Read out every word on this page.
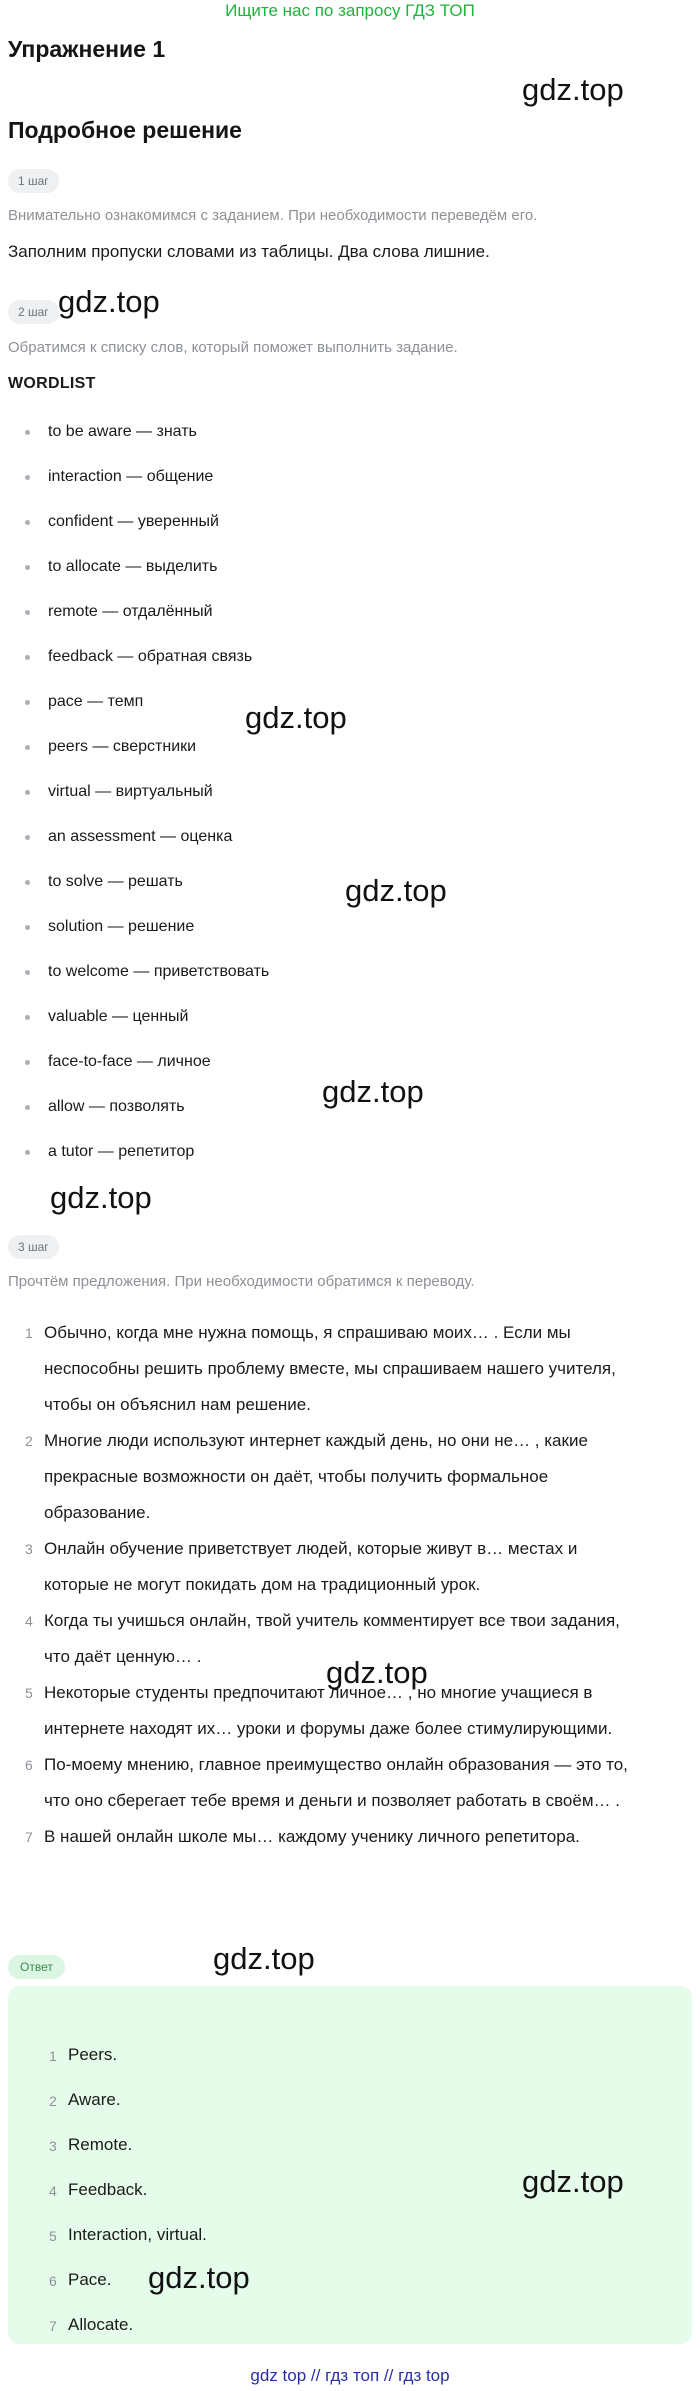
Ищите нас по запросу ГДЗ ТОП
Упражнение 1
Подробное решение
1 шаг
Внимательно ознакомимся с заданием. При необходимости переведём его.
Заполним пропуски словами из таблицы. Два слова лишние.
2 шаг
Обратимся к списку слов, который поможет выполнить задание.
WORDLIST
to be aware — знать
interaction — общение
confident — уверенный
to allocate — выделить
remote — отдалённый
feedback — обратная связь
pace — темп
peers — сверстники
virtual — виртуальный
an assessment — оценка
to solve — решать
solution — решение
to welcome — приветствовать
valuable — ценный
face-to-face — личное
allow — позволять
a tutor — репетитор
3 шаг
Прочтём предложения. При необходимости обратимся к переводу.
1 Обычно, когда мне нужна помощь, я спрашиваю моих… . Если мы
неспособны решить проблему вместе, мы спрашиваем нашего учителя,
чтобы он объяснил нам решение.
2 Многие люди используют интернет каждый день, но они не… , какие
прекрасные возможности он даёт, чтобы получить формальное
образование.
3 Онлайн обучение приветствует людей, которые живут в… местах и
которые не могут покидать дом на традиционный урок.
4 Когда ты учишься онлайн, твой учитель комментирует все твои задания,
что даёт ценную… .
5 Некоторые студенты предпочитают личное… , но многие учащиеся в
интернете находят их… уроки и форумы даже более стимулирующими.
6 По-моему мнению, главное преимущество онлайн образования — это то,
что оно сберегает тебе время и деньги и позволяет работать в своём… .
7 В нашей онлайн школе мы… каждому ученику личного репетитора.
Ответ
1 Peers.
2 Aware.
3 Remote.
4 Feedback.
5 Interaction, virtual.
6 Pace.
7 Allocate.
gdz.top
gdz.top
gdz.top
gdz.top
gdz.top
gdz.top
gdz.top
gdz.top
gdz.top
gdz.top
gdz top // гдз топ // гдз top
